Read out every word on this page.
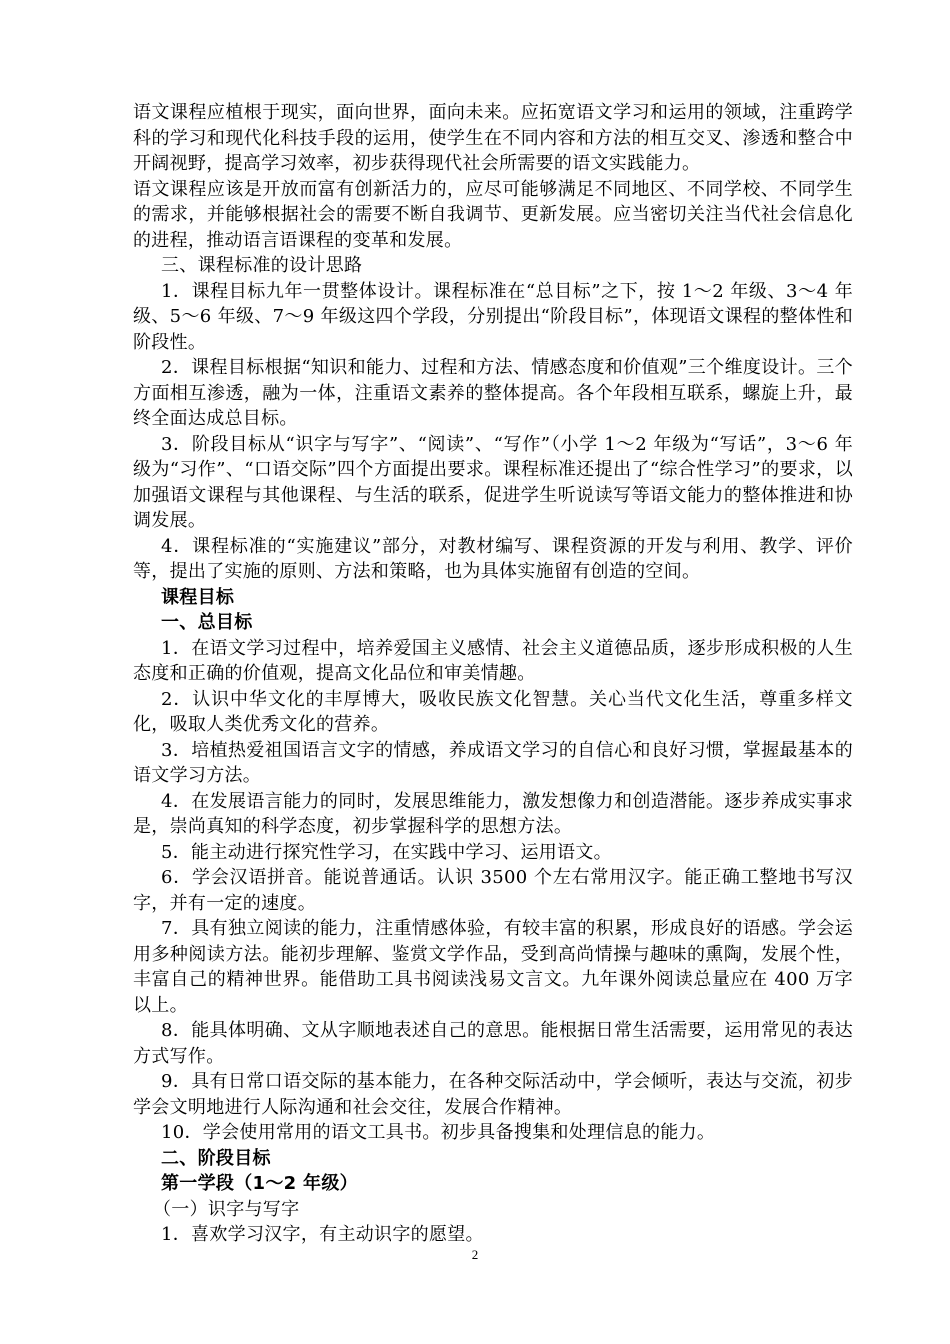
语文课程应植根于现实，面向世界，面向未来。应拓宽语文学习和运用的领域，注重跨学科的学习和现代化科技手段的运用，使学生在不同内容和方法的相互交叉、渗透和整合中开阔视野，提高学习效率，初步获得现代社会所需要的语文实践能力。

语文课程应该是开放而富有创新活力的，应尽可能够满足不同地区、不同学校、不同学生的需求，并能够根据社会的需要不断自我调节、更新发展。应当密切关注当代社会信息化的进程，推动语言语课程的变革和发展。

三、课程标准的设计思路

1．课程目标九年一贯整体设计。课程标准在“总目标”之下，按 1～2 年级、3～4 年级、5～6 年级、7～9 年级这四个学段，分别提出“阶段目标”，体现语文课程的整体性和阶段性。

2．课程目标根据“知识和能力、过程和方法、情感态度和价值观”三个维度设计。三个方面相互渗透，融为一体，注重语文素养的整体提高。各个年段相互联系，螺旋上升，最终全面达成总目标。

3．阶段目标从“识字与写字”、“阅读”、“写作”（小学 1～2 年级为“写话”，3～6 年级为“习作”、“口语交际”四个方面提出要求。课程标准还提出了“综合性学习”的要求，以加强语文课程与其他课程、与生活的联系，促进学生听说读写等语文能力的整体推进和协调发展。

4．课程标准的“实施建议”部分，对教材编写、课程资源的开发与利用、教学、评价等，提出了实施的原则、方法和策略，也为具体实施留有创造的空间。

课程目标

一、总目标

1．在语文学习过程中，培养爱国主义感情、社会主义道德品质，逐步形成积极的人生态度和正确的价值观，提高文化品位和审美情趣。

2．认识中华文化的丰厚博大，吸收民族文化智慧。关心当代文化生活，尊重多样文化，吸取人类优秀文化的营养。

3．培植热爱祖国语言文字的情感，养成语文学习的自信心和良好习惯，掌握最基本的语文学习方法。

4．在发展语言能力的同时，发展思维能力，激发想像力和创造潜能。逐步养成实事求是，崇尚真知的科学态度，初步掌握科学的思想方法。

5．能主动进行探究性学习，在实践中学习、运用语文。

6．学会汉语拼音。能说普通话。认识 3500 个左右常用汉字。能正确工整地书写汉字，并有一定的速度。

7．具有独立阅读的能力，注重情感体验，有较丰富的积累，形成良好的语感。学会运用多种阅读方法。能初步理解、鉴赏文学作品，受到高尚情操与趣味的熏陶，发展个性，丰富自己的精神世界。能借助工具书阅读浅易文言文。九年课外阅读总量应在 400 万字以上。

8．能具体明确、文从字顺地表述自己的意思。能根据日常生活需要，运用常见的表达方式写作。

9．具有日常口语交际的基本能力，在各种交际活动中，学会倾听，表达与交流，初步学会文明地进行人际沟通和社会交往，发展合作精神。

10．学会使用常用的语文工具书。初步具备搜集和处理信息的能力。

二、阶段目标

第一学段（1～2 年级）

（一）识字与写字

1．喜欢学习汉字，有主动识字的愿望。

2
